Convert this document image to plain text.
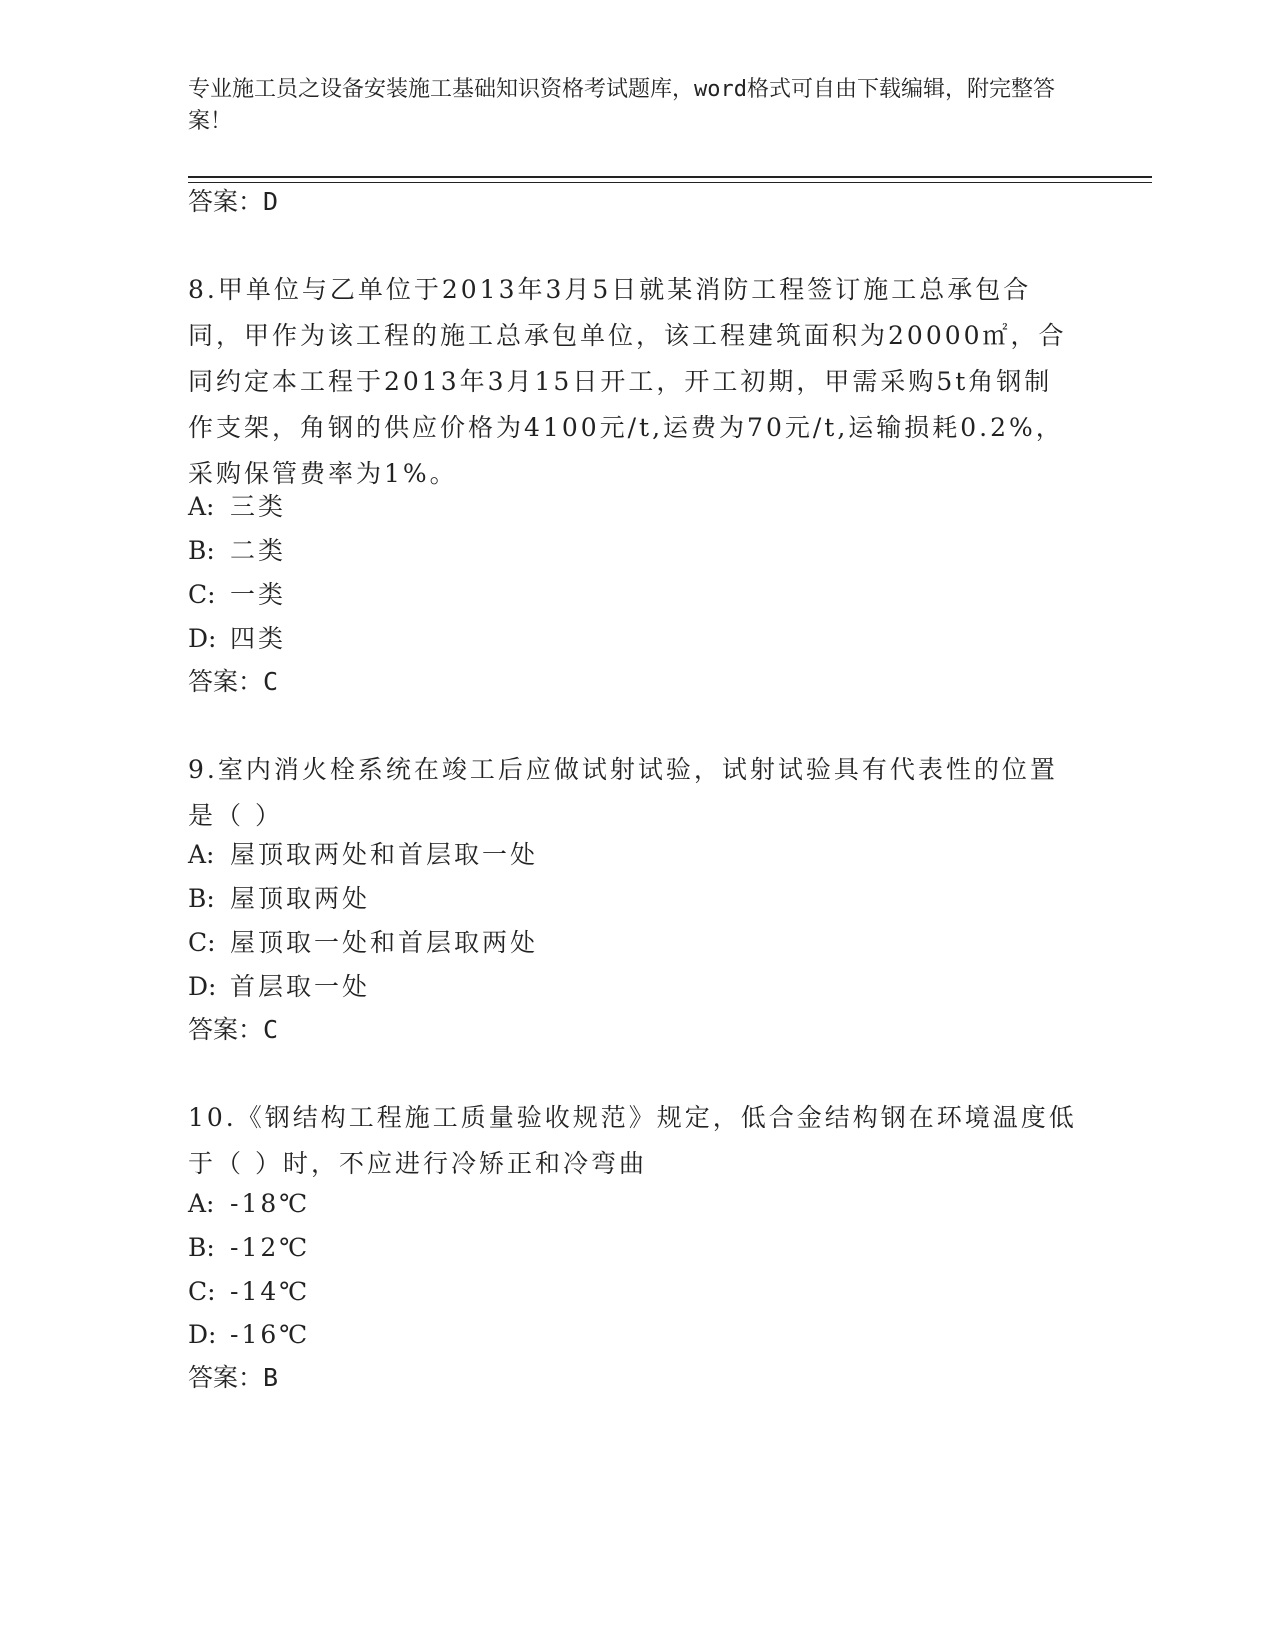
专业施工员之设备安装施工基础知识资格考试题库，word格式可自由下载编辑，附完整答案！
答案：D
8.甲单位与乙单位于2013年3月5日就某消防工程签订施工总承包合同，甲作为该工程的施工总承包单位，该工程建筑面积为20000㎡，合同约定本工程于2013年3月15日开工，开工初期，甲需采购5t角钢制作支架，角钢的供应价格为4100元/t,运费为70元/t,运输损耗0.2%，采购保管费率为1%。
A: 三类
B: 二类
C: 一类
D: 四类
答案：C
9.室内消火栓系统在竣工后应做试射试验，试射试验具有代表性的位置是（ ）
A: 屋顶取两处和首层取一处
B: 屋顶取两处
C: 屋顶取一处和首层取两处
D: 首层取一处
答案：C
10.《钢结构工程施工质量验收规范》规定，低合金结构钢在环境温度低于（ ）时，不应进行冷矫正和冷弯曲
A: -18℃
B: -12℃
C: -14℃
D: -16℃
答案：B
